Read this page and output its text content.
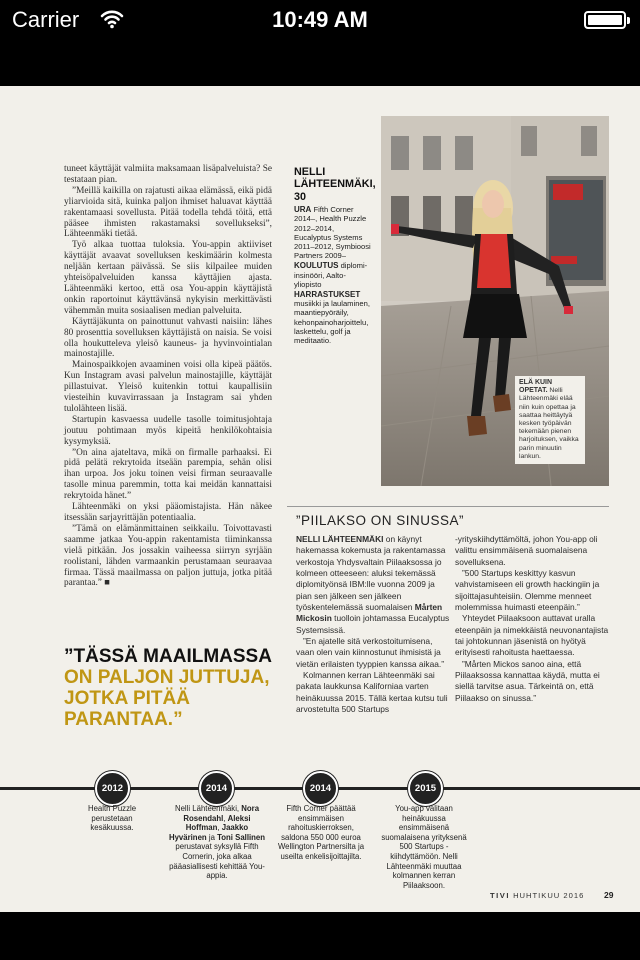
Carrier	10:49 AM

tuneet käyttäjät valmiita maksamaan lisäpalveluista? Se testataan pian.

”Meillä kaikilla on rajatusti aikaa elämässä, eikä pidä yliarvioida sitä, kuinka paljon ihmiset haluavat käyttää rakentamaasi sovellusta. Pitää todella tehdä töitä, että pääsee ihmisten rakastamaksi sovellukseksi”, Lähteenmäki tietää.

Työ alkaa tuottaa tuloksia. You-appin aktiiviset käyttäjät avaavat sovelluksen keskimäärin kolmesta neljään kertaan päivässä. Se siis kilpailee muiden yhteisöpalveluiden kanssa käyttäjien ajasta. Lähteenmäki kertoo, että osa You-appin käyttäjistä onkin raportoinut käyttävänsä nykyisin merkittävästi vähemmän muita sosiaalisen median palveluita.

Käyttäjäkunta on painottunut vahvasti naisiin: lähes 80 prosenttia sovelluksen käyttäjistä on naisia. Se voisi olla houkutteleva yleisö kauneus- ja hyvinvointialan mainostajille.

Mainospaikkojen avaaminen voisi olla kipeä päätös. Kun Instagram avasi palvelun mainostajille, käyttäjät pillastuivat. Yleisö kuitenkin tottui kaupallisiin viesteihin kuvavirrassaan ja Instagram sai yhden tulolähteen lisää.

Startupin kasvaessa uudelle tasolle toimitusjohtaja joutuu pohtimaan myös kipeitä henkilökohtaisia kysymyksiä.

”On aina ajateltava, mikä on firmalle parhaaksi. Ei pidä pelätä rekrytoida itseään parempia, sehän olisi ihan urpoa. Jos joku toinen veisi firman seuraavalle tasolle minua paremmin, totta kai meidän kannattaisi rekrytoida hänet.”

Lähteenmäki on yksi pääomistajista. Hän näkee itsessään sarjayrittäjän potentiaalia.

”Tämä on elämänmittainen seikkailu. Toivottavasti saamme jatkaa You-appin rakentamista tiiminkanssa vielä pitkään. Jos jossakin vaiheessa siirryn syrjään roolistani, lähden varmaankin perustamaan seuraavaa firmaa. Tässä maailmassa on paljon juttuja, jotka pitää parantaa.” ■

”TÄSSÄ MAAILMASSA
ON PALJON JUTTUJA,
JOTKA PITÄÄ
PARANTAA.”
NELLI LÄHTEENMÄKI, 30
URA Fifth Corner 2014–, Health Puzzle 2012–2014, Eucalyptus Systems 2011–2012, Symbioosi Partners 2009–
KOULUTUS diplomi-insinööri, Aalto-yliopisto
HARRASTUKSET musiikki ja laulaminen, maantiepyöräily, kehonpainoharjoittelu, laskettelu, golf ja meditaatio.
ELÄ KUIN OPETAT. Nelli Lähteenmäki elää niin kuin opettaa ja saattaa heittäytyä kesken työpäivän tekemään pienen harjoituksen, vaikka parin minuutin lankun.
”PIILAKSO ON SINUSSA”

NELLI LÄHTEENMÄKI on käynyt hakemassa kokemusta ja rakentamassa verkostoja Yhdysvaltain Piilaaksossa jo kolmeen otteeseen: aluksi tekemässä diplomityönsä IBM:lle vuonna 2009 ja pian sen jälkeen sen jälkeen työskentelemässä suomalaisen Mårten Mickosin tuolloin johtamassa Eucalyptus Systemsissä.

”En ajatelle sitä verkostoitumisena, vaan olen vain kiinnostunut ihmisistä ja vietän erilaisten tyyppien kanssa aikaa.”

Kolmannen kerran Lähteenmäki sai pakata laukkunsa Kaliforniaa varten heinäkuussa 2015. Tällä kertaa kutsu tuli arvostetulta 500 Startups

-yrityskiihdyttämöltä, johon You-app oli valittu ensimmäisenä suomalaisena sovelluksena.

”500 Startups keskittyy kasvun vahvistamiseen eli growth hackingiin ja sijoittajasuhteisiin. Olemme menneet molemmissa huimasti eteenpäin.”

Yhteydet Piilaaksoon auttavat uralla eteenpäin ja nimekkäistä neuvonantajista tai johtokunnan jäsenistä on hyötyä erityisesti rahoitusta haettaessa.

”Mårten Mickos sanoo aina, että Piilaaksossa kannattaa käydä, mutta ei siellä tarvitse asua. Tärkeintä on, että Piilaakso on sinussa.”

2012	2014	2014	2015
Health Puzzle perustetaan kesäkuussa.
Nelli Lähteenmäki, Nora Rosendahl, Aleksi Hoffman, Jaakko Hyvärinen ja Toni Sallinen perustavat syksyllä Fifth Cornerin, joka alkaa pääasiallisesti kehittää You-appia.
Fifth Corner päättää ensimmäisen rahoituskierroksen, saldona 550 000 euroa Wellington Partnersilta ja useilta enkelisijoittajilta.
You-app valitaan heinäkuussa ensimmäisenä suomalaisena yrityksenä 500 Startups -kiihdyttämöön. Nelli Lähteenmäki muuttaa kolmannen kerran Piilaaksoon.
TIVI HUHTIKUU 2016 29
